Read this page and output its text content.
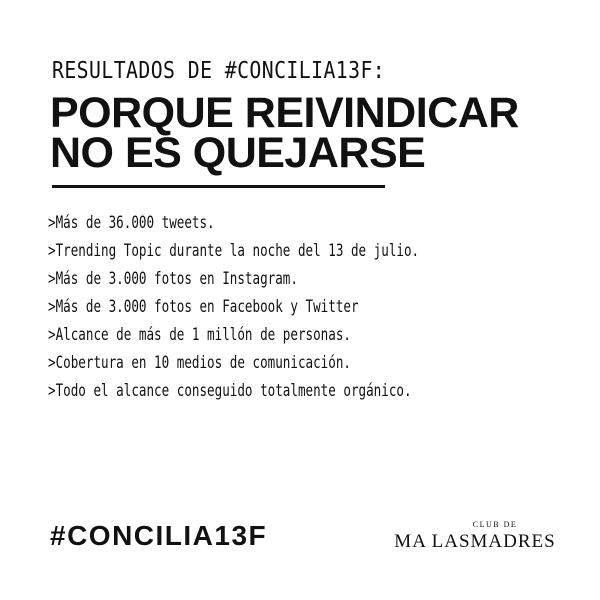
RESULTADOS DE #CONCILIA13F:
PORQUE REIVINDICAR
NO ES QUEJARSE
>Más de 36.000 tweets.
>Trending Topic durante la noche del 13 de julio.
>Más de 3.000 fotos en Instagram.
>Más de 3.000 fotos en Facebook y Twitter
>Alcance de más de 1 millón de personas.
>Cobertura en 10 medios de comunicación.
>Todo el alcance conseguido totalmente orgánico.
#CONCILIA13F	CLUB DE
MA LASMADRES
